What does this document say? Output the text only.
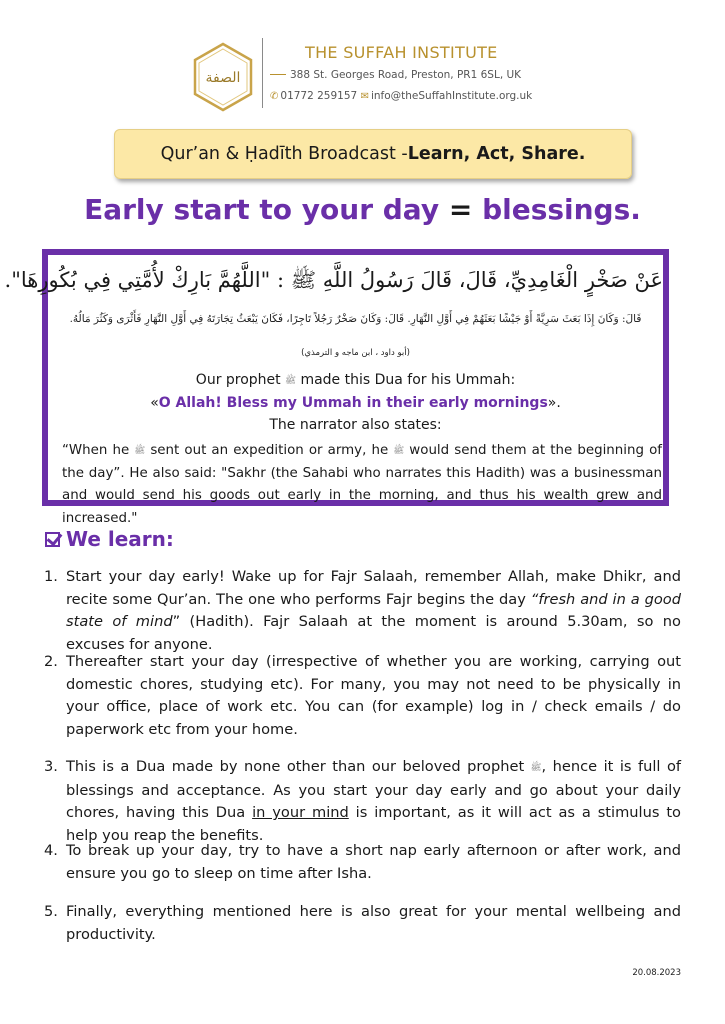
الصفة
THE SUFFAH INSTITUTE
388 St. Georges Road, Preston, PR1 6SL, UK
✆ 01772 259157 ✉ info@theSuffahInstitute.org.uk
Qur’an & Ḥadīth Broadcast - Learn, Act, Share.
Early start to your day = blessings.
عَنْ صَخْرٍ الْغَامِدِيِّ، قَالَ، قَالَ رَسُولُ اللَّهِ ﷺ : "اللَّهُمَّ بَارِكْ لأُمَّتِي فِي بُكُورِهَا".
قَالَ: وَكَانَ إِذَا بَعَثَ سَرِيَّةً أَوْ جَيْشًا بَعَثَهُمْ فِي أَوَّلِ النَّهَارِ. قَالَ: وَكَانَ صَخْرٌ رَجُلاً تَاجِرًا، فَكَانَ يَبْعَثُ تِجَارَتَهُ فِي أَوَّلِ النَّهَارِ فَأَثْرَى وَكَثُرَ مَالُهُ.
(أبو داود ، ابن ماجه و الترمذي)
Our prophet ﷺ made this Dua for his Ummah:
«O Allah! Bless my Ummah in their early mornings».
The narrator also states:
“When he ﷺ sent out an expedition or army, he ﷺ would send them at the beginning of the day”. He also said: "Sakhr (the Sahabi who narrates this Hadith) was a businessman and would send his goods out early in the morning, and thus his wealth grew and increased."
We learn:
1. Start your day early! Wake up for Fajr Salaah, remember Allah, make Dhikr, and recite some Qur’an. The one who performs Fajr begins the day “fresh and in a good state of mind” (Hadith). Fajr Salaah at the moment is around 5.30am, so no excuses for anyone.
2. Thereafter start your day (irrespective of whether you are working, carrying out domestic chores, studying etc). For many, you may not need to be physically in your office, place of work etc. You can (for example) log in / check emails / do paperwork etc from your home.
3. This is a Dua made by none other than our beloved prophet ﷺ, hence it is full of blessings and acceptance. As you start your day early and go about your daily chores, having this Dua in your mind is important, as it will act as a stimulus to help you reap the benefits.
4. To break up your day, try to have a short nap early afternoon or after work, and ensure you go to sleep on time after Isha.
5. Finally, everything mentioned here is also great for your mental wellbeing and productivity.
20.08.2023
